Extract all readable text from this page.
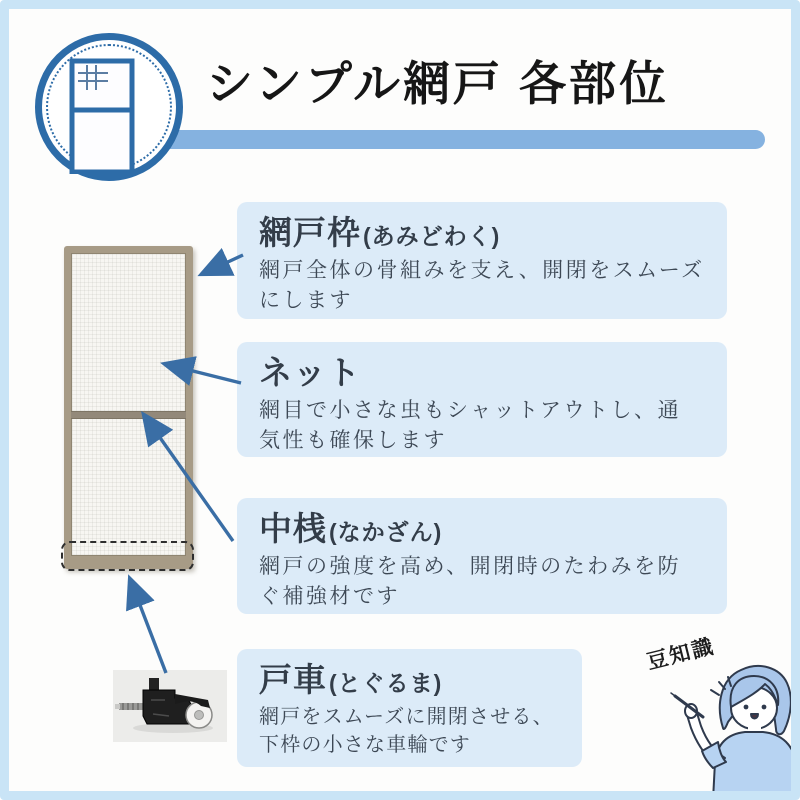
シンプル網戸 各部位
網戸枠 (あみどわく)

網戸全体の骨組みを支え、開閉をスムーズにします

ネット

網目で小さな虫もシャットアウトし、通気性も確保します

中桟 (なかざん)

網戸の強度を高め、開閉時のたわみを防ぐ補強材です

戸車 (とぐるま)

網戸をスムーズに開閉させる、下枠の小さな車輪です

豆知識
